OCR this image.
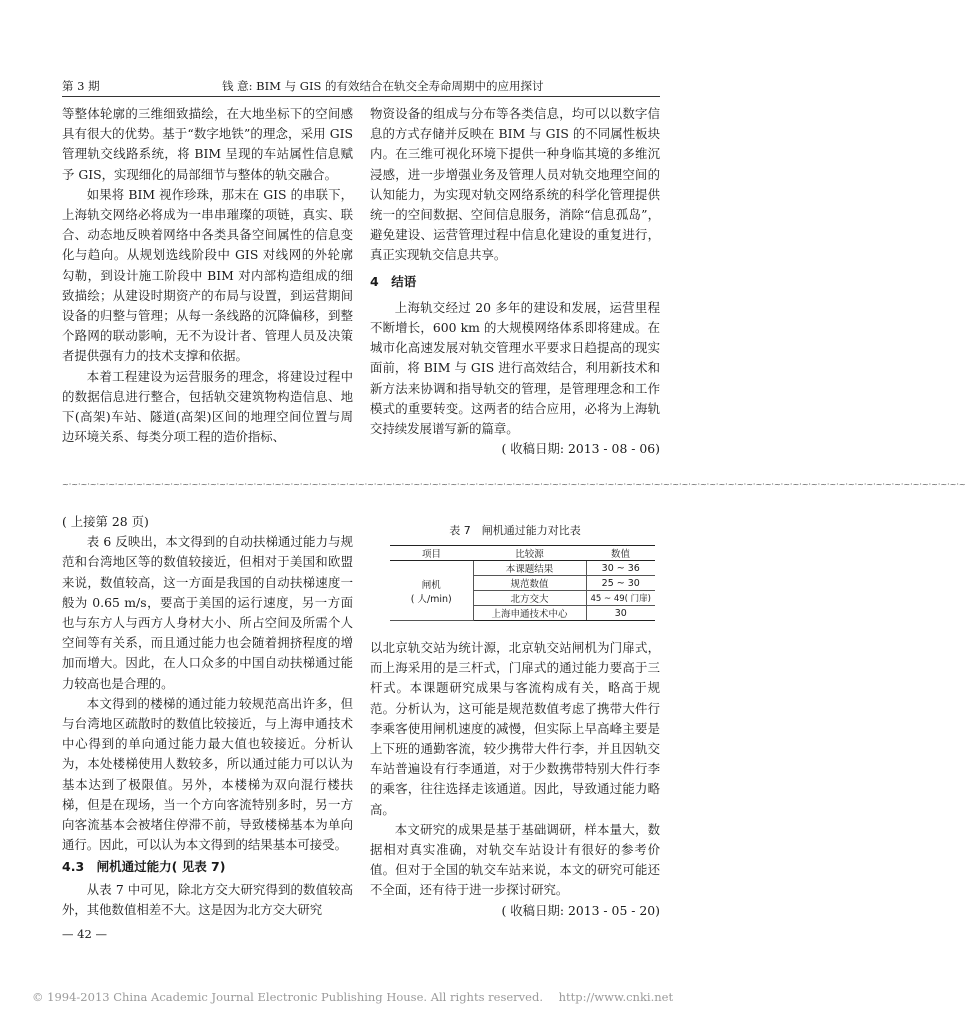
第 3 期	钱 意: BIM 与 GIS 的有效结合在轨交全寿命周期中的应用探讨

等整体轮廓的三维细致描绘，在大地坐标下的空间感具有很大的优势。基于“数字地铁”的理念，采用 GIS 管理轨交线路系统，将 BIM 呈现的车站属性信息赋予 GIS，实现细化的局部细节与整体的轨交融合。

如果将 BIM 视作珍珠，那末在 GIS 的串联下，上海轨交网络必将成为一串串璀璨的项链，真实、联合、动态地反映着网络中各类具备空间属性的信息变化与趋向。从规划选线阶段中 GIS 对线网的外轮廓勾勒，到设计施工阶段中 BIM 对内部构造组成的细致描绘；从建设时期资产的布局与设置，到运营期间设备的归整与管理；从每一条线路的沉降偏移，到整个路网的联动影响，无不为设计者、管理人员及决策者提供强有力的技术支撑和依据。

本着工程建设为运营服务的理念，将建设过程中的数据信息进行整合，包括轨交建筑物构造信息、地下(高架)车站、隧道(高架)区间的地理空间位置与周边环境关系、每类分项工程的造价指标、

物资设备的组成与分布等各类信息，均可以以数字信息的方式存储并反映在 BIM 与 GIS 的不同属性板块内。在三维可视化环境下提供一种身临其境的多维沉浸感，进一步增强业务及管理人员对轨交地理空间的认知能力，为实现对轨交网络系统的科学化管理提供统一的空间数据、空间信息服务，消除“信息孤岛”，避免建设、运营管理过程中信息化建设的重复进行，真正实现轨交信息共享。

4　结语

上海轨交经过 20 多年的建设和发展，运营里程不断增长，600 km 的大规模网络体系即将建成。在城市化高速发展对轨交管理水平要求日趋提高的现实面前，将 BIM 与 GIS 进行高效结合，利用新技术和新方法来协调和指导轨交的管理，是管理理念和工作模式的重要转变。这两者的结合应用，必将为上海轨交持续发展谱写新的篇章。

( 收稿日期: 2013 - 08 - 06)
~·~·~·~·~·~·~·~·~·~·~·~·~·~·~·~·~·~·~·~·~·~·~·~·~·~·~·~·~·~·~·~·~·~·~·~·~·~·~·~·~·~·~·~·~·~·~·~·~·~·~·~·~·~·~·~·~·~·~·~·~·~·~·~·~·~·~·~·~·~·~·~·~·~·~·~·~·~·~·~·~·~·~·~·~·~·~·~·~·~·~·~·~·~·~·~·~·~

( 上接第 28 页)

表 6 反映出，本文得到的自动扶梯通过能力与规范和台湾地区等的数值较接近，但相对于美国和欧盟来说，数值较高，这一方面是我国的自动扶梯速度一般为 0.65 m/s，要高于美国的运行速度，另一方面也与东方人与西方人身材大小、所占空间及所需个人空间等有关系，而且通过能力也会随着拥挤程度的增加而增大。因此，在人口众多的中国自动扶梯通过能力较高也是合理的。

本文得到的楼梯的通过能力较规范高出许多，但与台湾地区疏散时的数值比较接近，与上海申通技术中心得到的单向通过能力最大值也较接近。分析认为，本处楼梯使用人数较多，所以通过能力可以认为基本达到了极限值。另外，本楼梯为双向混行楼扶梯，但是在现场，当一个方向客流特别多时，另一方向客流基本会被堵住停滞不前，导致楼梯基本为单向通行。因此，可以认为本文得到的结果基本可接受。

4.3　闸机通过能力( 见表 7)

从表 7 中可见，除北方交大研究得到的数值较高外，其他数值相差不大。这是因为北方交大研究

— 42 —
表 7　闸机通过能力对比表
项目	比较源	数值

闸机
( 人/min)	本课题结果	30 ~ 36
	规范数值	25 ~ 30
	北方交大	45 ~ 49( 门扉)
	上海申通技术中心	30

以北京轨交站为统计源，北京轨交站闸机为门扉式，而上海采用的是三杆式，门扉式的通过能力要高于三杆式。本课题研究成果与客流构成有关，略高于规范。分析认为，这可能是规范数值考虑了携带大件行李乘客使用闸机速度的减慢，但实际上早高峰主要是上下班的通勤客流，较少携带大件行李，并且因轨交车站普遍设有行李通道，对于少数携带特别大件行李的乘客，往往选择走该通道。因此，导致通过能力略高。

本文研究的成果是基于基础调研，样本量大，数据相对真实准确，对轨交车站设计有很好的参考价值。但对于全国的轨交车站来说，本文的研究可能还不全面，还有待于进一步探讨研究。

( 收稿日期: 2013 - 05 - 20)
© 1994-2013 China Academic Journal Electronic Publishing House. All rights reserved. http://www.cnki.net
